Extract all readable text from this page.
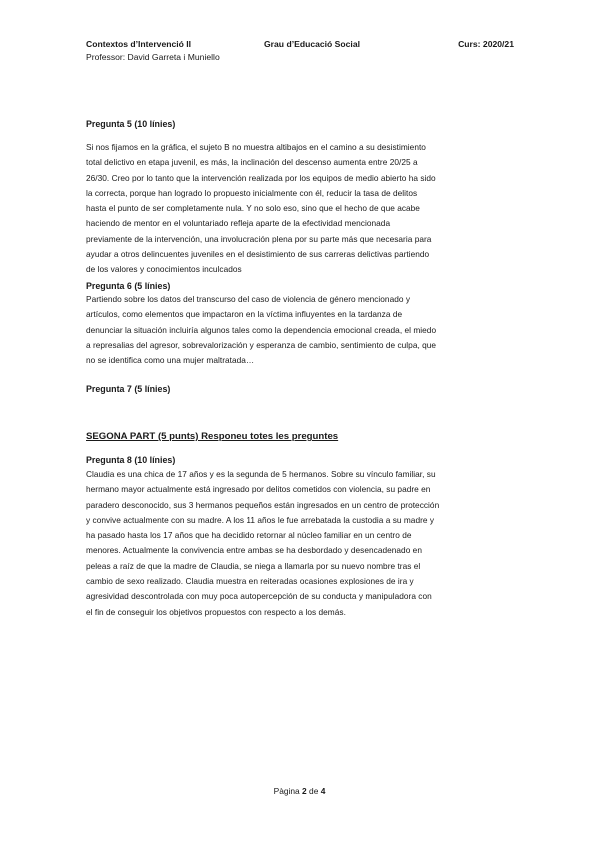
Contextos d’Intervenció II	Grau d’Educació Social	Curs: 2020/21
Professor: David Garreta i Muniello

Pregunta 5 (10 línies)

Si nos fijamos en la gráfica, el sujeto B no muestra altibajos en el camino a su desistimiento
total delictivo en etapa juvenil, es más, la inclinación del descenso aumenta entre 20/25 a
26/30. Creo por lo tanto que la intervención realizada por los equipos de medio abierto ha sido
la correcta, porque han logrado lo propuesto inicialmente con él, reducir la tasa de delitos
hasta el punto de ser completamente nula. Y no solo eso, sino que el hecho de que acabe
haciendo de mentor en el voluntariado refleja aparte de la efectividad mencionada
previamente de la intervención, una involucración plena por su parte más que necesaria para
ayudar a otros delincuentes juveniles en el desistimiento de sus carreras delictivas partiendo
de los valores y conocimientos inculcados

Pregunta 6 (5 línies)

Partiendo sobre los datos del transcurso del caso de violencia de género mencionado y
artículos, como elementos que impactaron en la víctima influyentes en la tardanza de
denunciar la situación incluiría algunos tales como la dependencia emocional creada, el miedo
a represalias del agresor, sobrevalorización y esperanza de cambio, sentimiento de culpa, que
no se identifica como una mujer maltratada…

Pregunta 7 (5 línies)

SEGONA PART (5 punts) Responeu totes les preguntes

Pregunta 8 (10 línies)

Claudia es una chica de 17 años y es la segunda de 5 hermanos. Sobre su vínculo familiar, su
hermano mayor actualmente está ingresado por delitos cometidos con violencia, su padre en
paradero desconocido, sus 3 hermanos pequeños están ingresados en un centro de protección
y convive actualmente con su madre. A los 11 años le fue arrebatada la custodia a su madre y
ha pasado hasta los 17 años que ha decidido retornar al núcleo familiar en un centro de
menores. Actualmente la convivencia entre ambas se ha desbordado y desencadenado en
peleas a raíz de que la madre de Claudia, se niega a llamarla por su nuevo nombre tras el
cambio de sexo realizado. Claudia muestra en reiteradas ocasiones explosiones de ira y
agresividad descontrolada con muy poca autopercepción de su conducta y manipuladora con
el fin de conseguir los objetivos propuestos con respecto a los demás.
Pàgina 2 de 4
